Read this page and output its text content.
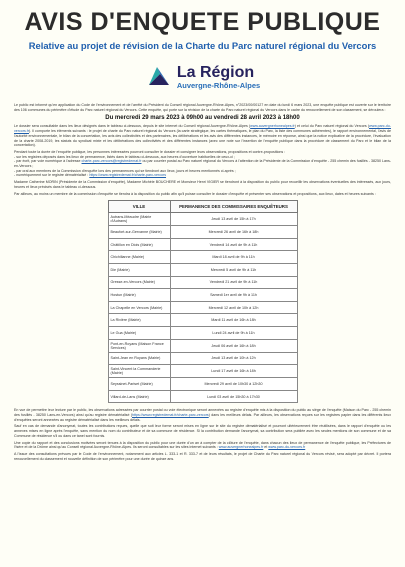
AVIS D'ENQUETE PUBLIQUE
Relative au projet de révision de la Charte du Parc naturel régional du Vercors
La Région
Auvergne-Rhône-Alpes

Le public est informé qu'en application du Code de l'environnement et de l'arrêté du Président du Conseil régional Auvergne-Rhône-Alpes, n°2023/00/00127 en date du lundi 6 mars 2023, une enquête publique est ouverte sur le territoire des 106 communes du périmètre d'étude du Parc naturel régional du Vercors. Cette enquête, qui porte sur la révision de la charte du Parc naturel régional du Vercors dans le cadre du renouvellement de son classement, se déroulera :

Du mercredi 29 mars 2023 à 09h00 au vendredi 28 avril 2023 à 18h00

Le dossier sera consultable dans les lieux désignés dans le tableau ci-dessous, depuis le site internet du Conseil régional Auvergne-Rhône-Alpes (www.auvergnerhonealpes.fr) et celui du Parc naturel régional du Vercors (www.parc-du-vercors.fr). Il comporte les éléments suivants : le projet de charte du Parc naturel régional du Vercors (la carte stratégique, les cartes thématiques, le plan du Parc, la liste des communes adhérentes), le rapport environnemental, l'avis de l'autorité environnementale, le bilan de la concertation, les avis des collectivités et des partenaires, les délibérations et les avis des différentes instances, le mémoire en réponse, ainsi que la notice explicative de la procédure, l'évaluation de la charte 2008-2019, les statuts du syndicat mixte et les délibérations des collectivités et des différentes instances (avec une note sur l'insertion de l'enquête publique dans la procédure de classement du Parc et le bilan de la concertation).

Pendant toute la durée de l'enquête publique, les personnes intéressées pourront consulter le dossier et consigner leurs observations, propositions et contre-propositions :

- sur les registres déposés dans les lieux de permanence, listés dans le tableau ci-dessous, aux heures d'ouverture habituelles de ceux-ci ;

- par écrit, par voie numérique à l'adresse charte-parc-vercors@registredemat.fr ou par courrier postal au Parc naturel régional du Vercors à l'attention de la Présidente de la Commission d'enquête - 255 chemin des fusillés - 38250 Lans-en-Vercors ;

- par oral aux membres de la Commission d'enquête lors des permanences qui se tiendront aux lieux, jours et heures mentionnés ci-après ;

- numériquement sur le registre dématérialisé : https://www.registredemat.fr/charte-parc-vercors

Madame Catherine MORIN (Présidente de la Commission d'enquête), Madame Michèle BOUCHERE et Monsieur Henri VIGIER se tiendront à la disposition du public pour recueillir les observations éventuelles des intéressés, aux jours, heures et lieux précisés dans le tableau ci-dessous.

Par ailleurs, au moins un membre de la commission d'enquête se tiendra à la disposition du public afin qu'il puisse consulter le dossier d'enquête et présenter ses observations et propositions, aux lieux, dates et heures suivants :

VILLE	PERMANENCE DES COMMISSAIRES ENQUÊTEURS
Autrans-Méaudre (Mairie d'Autrans)	Jeudi 13 avril de 15h à 17h
Beaufort-sur-Gervanne (Mairie)	Mercredi 26 avril de 16h à 18h
Châtillon en Diois (Mairie)	Vendredi 14 avril de 9h à 11h
Chichilianne (Mairie)	Mardi 18 avril de 9h à 11h
Die (Mairie)	Mercredi 5 avril de 9h à 11h
Gresse-en-Vercors (Mairie)	Vendredi 21 avril de 9h à 11h
Hostun (Mairie)	Samedi 1er avril de 9h à 11h
La Chapelle en Vercors (Mairie)	Mercredi 12 avril de 10h à 12h
La Rivière (Mairie)	Mardi 11 avril de 16h à 18h
Le Gua (Mairie)	Lundi 24 avril de 9h à 11h
Pont-en-Royans (Maison France Services)	Jeudi 06 avril de 16h à 18h
Saint-Jean en Royans (Mairie)	Jeudi 13 avril de 10h à 12h
Saint-Vincent la Commanderie (Mairie)	Lundi 17 avril de 16h à 18h
Seyssinet-Pariset (Mairie)	Mercredi 29 avril de 10h30 à 12h30
Villard-de-Lans (Mairie)	Lundi 03 avril de 15h30 à 17h30

En vue de permettre leur lecture par le public, les observations adressées par courrier postal ou voie électronique seront annexées au registre d'enquête mis à la disposition du public au siège de l'enquête (Maison du Parc - 255 chemin des fusillés - 38250 Lans-en-Vercors) ainsi qu'au registre dématérialisé (https://www.registredemat.fr/charte-parc-vercors) dans les meilleurs délais. Par ailleurs, les observations reçues sur les registres papier dans les différents lieux d'enquêtes seront annexées au registre dématérialisé dans les meilleurs délais.

Sauf en cas de demande d'anonymat, toutes les contributions reçues, quelle que soit leur forme seront mises en ligne sur le site du registre dématérialisé et pourront ultérieurement être réutilisées, dans le rapport d'enquête ou les annexes mises en ligne après l'enquête, sans mention du nom du contributeur et de sa commune de résidence. Si la contribution demande l'anonymat, sa contribution sera publiée avec les seules mentions de son commune et de sa Commune de résidence s'il ou dans ce tanel sont fournis.

Une copie du rapport et des conclusions motivées seront tenues à la disposition du public pour une durée d'un an à compter de la clôture de l'enquête, dans chacun des lieux de permanence de l'enquête publique, les Préfectures de l'Isère et de la Drôme ainsi qu'au Conseil régional Auvergne-Rhône-Alpes. Ils seront consultables sur les sites internet suivants : www.auvergnerhonealpes.fr et www.parc-du-vercors.fr

A l'issue des consultations prévues par le Code de l'environnement, notamment aux articles L. 333-1 et R. 333-7 et de leurs résultats, le projet de Charte du Parc naturel régional du Vercors révisé, sera adopté par décret. Il portera renouvellement du classement et nouvelle définition de son périmètre pour une durée de quinze ans.
